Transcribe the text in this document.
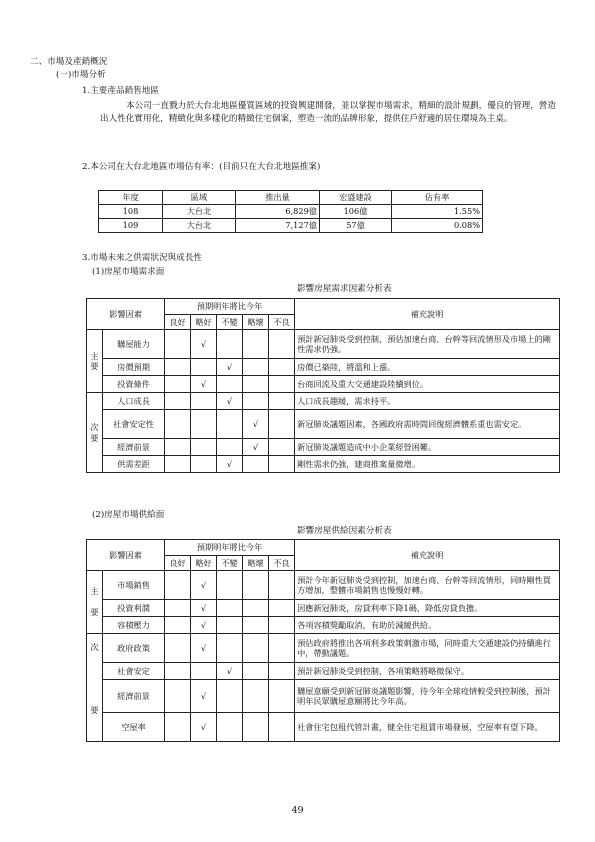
二、市場及產銷概況
(一)市場分析
1.主要產品銷售地區
本公司一直戮力於大台北地區優質區域的投資興建開發，並以掌握市場需求，精細的設計規劃，優良的管理，營造出人性化實用化，精緻化與多樣化的精緻住宅個案，塑造一流的品牌形象，提供住戶舒適的居住環境為主桌。
2.本公司在大台北地區市場佔有率：(目前只在大台北地區推案)
年度	區域	推出量	宏盛建設	佔有率
108	大台北	6,829億	106億	1.55%
109	大台北	7,127億	57億	0.08%
3.市場未來之供需狀況與成長性
(1)房屋市場需求面
影響房屋需求因素分析表
影響因素		預期明年將比今年					補充說明
		良好	略好	不變	略壞	不良	
主
要	購屋能力		√				預計新冠肺炎受到控制，預估加速台商、台幹等回流情形及市場上的剛性需求仍強。
	房價預期			√			房價已築陸，將溫和上漲。
	投資條件		√				台商回流及重大交通建設陸續到位。
次
要	人口成長			√			人口成長趨緩，需求持平。
	社會安定性				√		新冠肺炎議題因素，各國政府需時間回復經濟體系重也需安定。
	經濟前景				√		新冠肺炎議題造成中小企業經營困難。
	供需差距			√			剛性需求仍強，建商推案量微增。
(2)房屋市場供給面
影響房屋供給因素分析表
影響因素		預期明年將比今年					補充說明
		良好	略好	不變	略壞	不良	
主

要	市場銷售		√				預計今年新冠肺炎受到控制，加速台商、台幹等回流情形，同時剛性買方增加，整體市場銷售也慢慢好轉。
	投資利潤		√				因應新冠肺炎，房貸利率下降1碼，降低房貸負擔。
	容積壓力		√				各項容積獎勵取消，有助於減緩供給。
次

要	政府政策		√				預估政府將推出各項利多政策刺激市場，同時重大交通建設仍持續進行中，帶動議題。
	社會安定			√			預計新冠肺炎受到控制，各項策略將略微保守。
	經濟前景		√				購屋意願受到新冠肺炎議題影響，待今年全球疫情較受到控制後，預計明年民眾購屋意願將比今年高。
	空屋率		√				社會住宅包租代管計畫，健全住宅租賃市場發展，空屋率有望下降。
49
